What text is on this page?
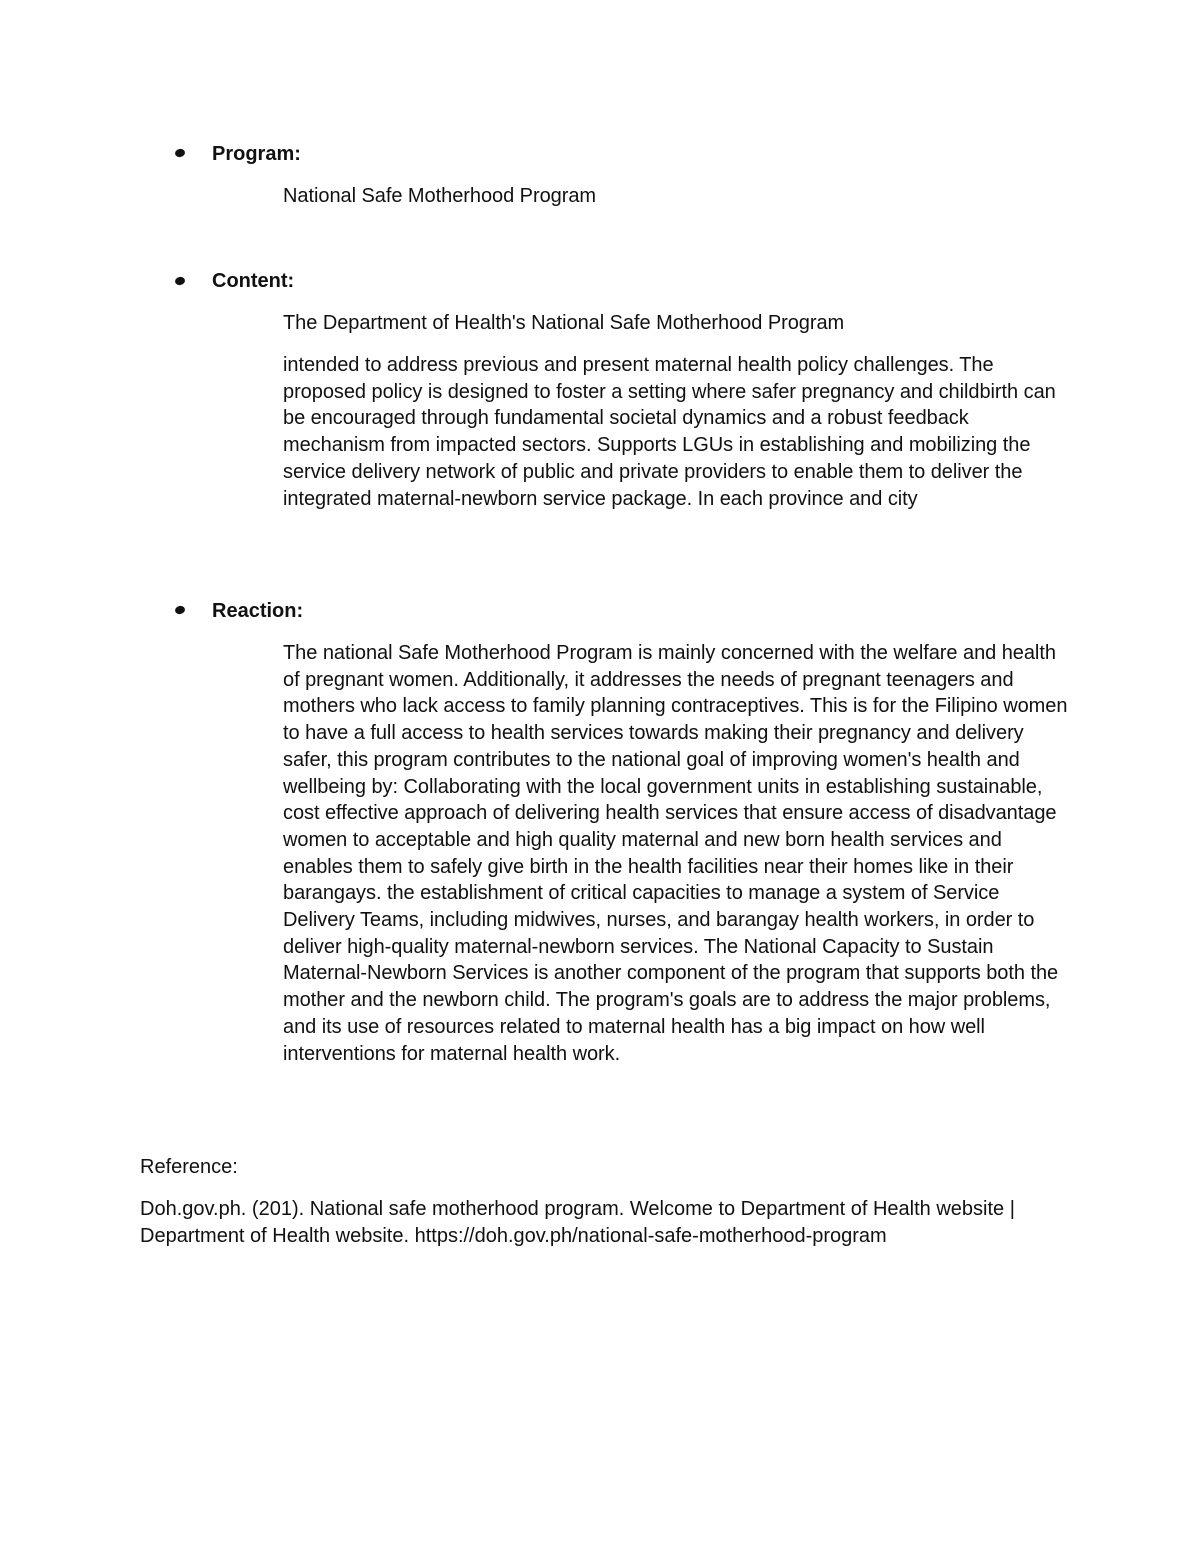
Program:

National Safe Motherhood Program

Content:

The Department of Health's National Safe Motherhood Program

intended to address previous and present maternal health policy challenges. The proposed policy is designed to foster a setting where safer pregnancy and childbirth can be encouraged through fundamental societal dynamics and a robust feedback mechanism from impacted sectors. Supports LGUs in establishing and mobilizing the service delivery network of public and private providers to enable them to deliver the integrated maternal-newborn service package. In each province and city

Reaction:

The national Safe Motherhood Program is mainly concerned with the welfare and health of pregnant women. Additionally, it addresses the needs of pregnant teenagers and mothers who lack access to family planning contraceptives. This is for the Filipino women to have a full access to health services towards making their pregnancy and delivery safer, this program contributes to the national goal of improving women's health and wellbeing by: Collaborating with the local government units in establishing sustainable, cost effective approach of delivering health services that ensure access of disadvantage women to acceptable and high quality maternal and new born health services and enables them to safely give birth in the health facilities near their homes like in their barangays. the establishment of critical capacities to manage a system of Service Delivery Teams, including midwives, nurses, and barangay health workers, in order to deliver high-quality maternal-newborn services. The National Capacity to Sustain Maternal-Newborn Services is another component of the program that supports both the mother and the newborn child. The program's goals are to address the major problems, and its use of resources related to maternal health has a big impact on how well interventions for maternal health work.

Reference:

Doh.gov.ph. (201). National safe motherhood program. Welcome to Department of Health website | Department of Health website. https://doh.gov.ph/national-safe-motherhood-program
